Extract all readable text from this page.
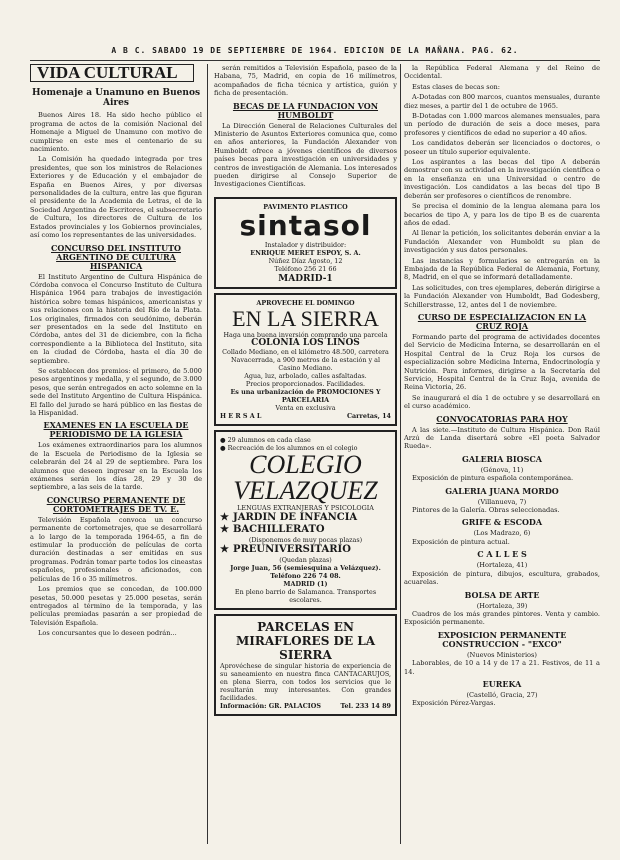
A B C. SABADO 19 DE SEPTIEMBRE DE 1964. EDICION DE LA MAÑANA. PAG. 62.
VIDA CULTURAL
Homenaje a Unamuno en Buenos Aires

Buenos Aires 18. Ha sido hecho público el programa de actos de la comisión Nacional del Homenaje a Miguel de Unamuno con motivo de cumplirse en este mes el centenario de su nacimiento.

La Comisión ha quedado integrada por tres presidentes, que son los ministros de Relaciones Exteriores y de Educación y el embajador de España en Buenos Aires, y por diversas personalidades de la cultura, entre las que figuran el presidente de la Academia de Letras, el de la Sociedad Argentina de Escritores, el subsecretario de Cultura, los directores de Cultura de los Estados provinciales y los Gobiernos provinciales, así como los representantes de las universidades.

CONCURSO DEL INSTITUTO ARGENTINO DE CULTURA HISPANICA

El Instituto Argentino de Cultura Hispánica de Córdoba convoca el Concurso Instituto de Cultura Hispánica 1964 para trabajos de investigación histórica sobre temas hispánicos, americanistas y sus relaciones con la historia del Río de la Plata. Los originales, firmados con seudónimo, deberán ser presentados en la sede del Instituto en Córdoba, antes del 31 de diciembre, con la ficha correspondiente a la Biblioteca del Instituto, sita en la ciudad de Córdoba, hasta el día 30 de septiembre.

Se establecen dos premios: el primero, de 5.000 pesos argentinos y medalla, y el segundo, de 3.000 pesos, que serán entregados en acto solemne en la sede del Instituto Argentino de Cultura Hispánica. El fallo del jurado se hará público en las fiestas de la Hispanidad.

EXAMENES EN LA ESCUELA DE PERIODISMO DE LA IGLESIA

Los exámenes extraordinarios para los alumnos de la Escuela de Periodismo de la Iglesia se celebrarán del 24 al 29 de septiembre. Para los alumnos que deseen ingresar en la Escuela los exámenes serán los días 28, 29 y 30 de septiembre, a las seis de la tarde.

CONCURSO PERMANENTE DE CORTOMETRAJES DE TV. E.

Televisión Española convoca un concurso permanente de cortometrajes, que se desarrollará a lo largo de la temporada 1964-65, a fin de estimular la producción de películas de corta duración destinadas a ser emitidas en sus programas. Podrán tomar parte todos los cineastas españoles, profesionales o aficionados, con películas de 16 o 35 milímetros.

Los premios que se concedan, de 100.000 pesetas, 50.000 pesetas y 25.000 pesetas, serán entregados al término de la temporada, y las películas premiadas pasarán a ser propiedad de Televisión Española.

Los concursantes que lo deseen podrán...

serán remitidos a Televisión Española, paseo de la Habana, 75, Madrid, en copia de 16 milímetros, acompañados de ficha técnica y artística, guión y ficha de presentación.

BECAS DE LA FUNDACION VON HUMBOLDT

La Dirección General de Relaciones Culturales del Ministerio de Asuntos Exteriores comunica que, como en años anteriores, la Fundación Alexander von Humboldt ofrece a jóvenes científicos de diversos países becas para investigación en universidades y centros de investigación de Alemania. Los interesados pueden dirigirse al Consejo Superior de Investigaciones Científicas.

PAVIMENTO PLASTICO
sintasol
Instalador y distribuidor:
ENRIQUE MERET ESPOY, S. A.
Núñez Díaz Agosto, 12
Teléfono 256 21 66
MADRID-1
APROVECHE EL DOMINGO
EN LA SIERRA
Haga una buena inversión comprando una parcela
COLONIA LOS LINOS
Collado Mediano, en el kilómetro 48.500, carretera Navacerrada, a 900 metros de la estación y al Casino Mediano.
Agua, luz, arbolado, calles asfaltadas.
Precios proporcionados. Facilidades.
Es una urbanización de PROMOCIONES Y PARCELARIA
Venta en exclusiva
H E R S A L	Carretas, 14
● 29 alumnos en cada clase
● Recreación de los alumnos en el colegio
COLEGIO
VELAZQUEZ
LENGUAS EXTRANJERAS Y PSICOLOGIA
★ JARDIN DE INFANCIA
★ BACHILLERATO
(Disponemos de muy pocas plazas)
★ PREUNIVERSITARIO
(Quedan plazas)
Jorge Juan, 56 (semiesquina a Velázquez). Teléfono 226 74 08.
MADRID (1)
En pleno barrio de Salamanca. Transportes escolares.
PARCELAS EN MIRAFLORES DE LA SIERRA
Aprovéchese de singular historia de experiencia de su saneamiento en nuestra finca CANTACARUJOS, en plena Sierra, con todos los servicios que le resultarán muy interesantes. Con grandes facilidades.
Información: GR. PALACIOS	Tel. 233 14 89

la República Federal Alemana y del Reino de Occidental.

Estas clases de becas son:

A-Dotadas con 800 marcos, cuantos mensuales, durante diez meses, a partir del 1 de octubre de 1965.

B-Dotadas con 1.000 marcos alemanes mensuales, para un período de duración de seis a doce meses, para profesores y científicos de edad no superior a 40 años.

Los candidatos deberán ser licenciados o doctores, o poseer un título superior equivalente.

Los aspirantes a las becas del tipo A deberán demostrar con su actividad en la investigación científica o en la enseñanza en una Universidad o centro de investigación. Los candidatos a las becas del tipo B deberán ser profesores o científicos de renombre.

Se precisa el dominio de la lengua alemana para los becarios de tipo A, y para los de tipo B es de cuarenta años de edad.

Al llenar la petición, los solicitantes deberán enviar a la Fundación Alexander von Humboldt su plan de investigación y sus datos personales.

Las instancias y formularios se entregarán en la Embajada de la República Federal de Alemania, Fortuny, 8, Madrid, en el que se informará detalladamente.

Las solicitudes, con tres ejemplares, deberán dirigirse a la Fundación Alexander von Humboldt, Bad Godesberg, Schillerstrasse, 12, antes del 1 de noviembre.

CURSO DE ESPECIALIZACION EN LA CRUZ ROJA

Formando parte del programa de actividades docentes del Servicio de Medicina Interna, se desarrollarán en el Hospital Central de la Cruz Roja los cursos de especialización sobre Medicina Interna, Endocrinología y Nutrición. Para informes, dirigirse a la Secretaría del Servicio, Hospital Central de la Cruz Roja, avenida de Reina Victoria, 26.

Se inaugurará el día 1 de octubre y se desarrollará en el curso académico.

CONVOCATORIAS PARA HOY

A las siete.—Instituto de Cultura Hispánica. Don Raúl Arzú de Landa disertará sobre «El poeta Salvador Rueda».

GALERIA BIOSCA
(Génova, 11)

Exposición de pintura española contemporánea.

GALERIA JUANA MORDO
(Villanueva, 7)

Pintores de la Galería. Obras seleccionadas.

GRIFE & ESCODA
(Los Madrazo, 6)

Exposición de pintura actual.

C A L L E S
(Hortaleza, 41)

Exposición de pintura, dibujos, escultura, grabados, acuarelas.

BOLSA DE ARTE
(Hortaleza, 39)

Cuadros de los más grandes pintores. Venta y cambio. Exposición permanente.

EXPOSICION PERMANENTE CONSTRUCCION - "EXCO"
(Nuevos Ministerios)

Laborables, de 10 a 14 y de 17 a 21. Festivos, de 11 a 14.

EUREKA
(Castelló, Gracia, 27)

Exposición Pérez-Vargas.
